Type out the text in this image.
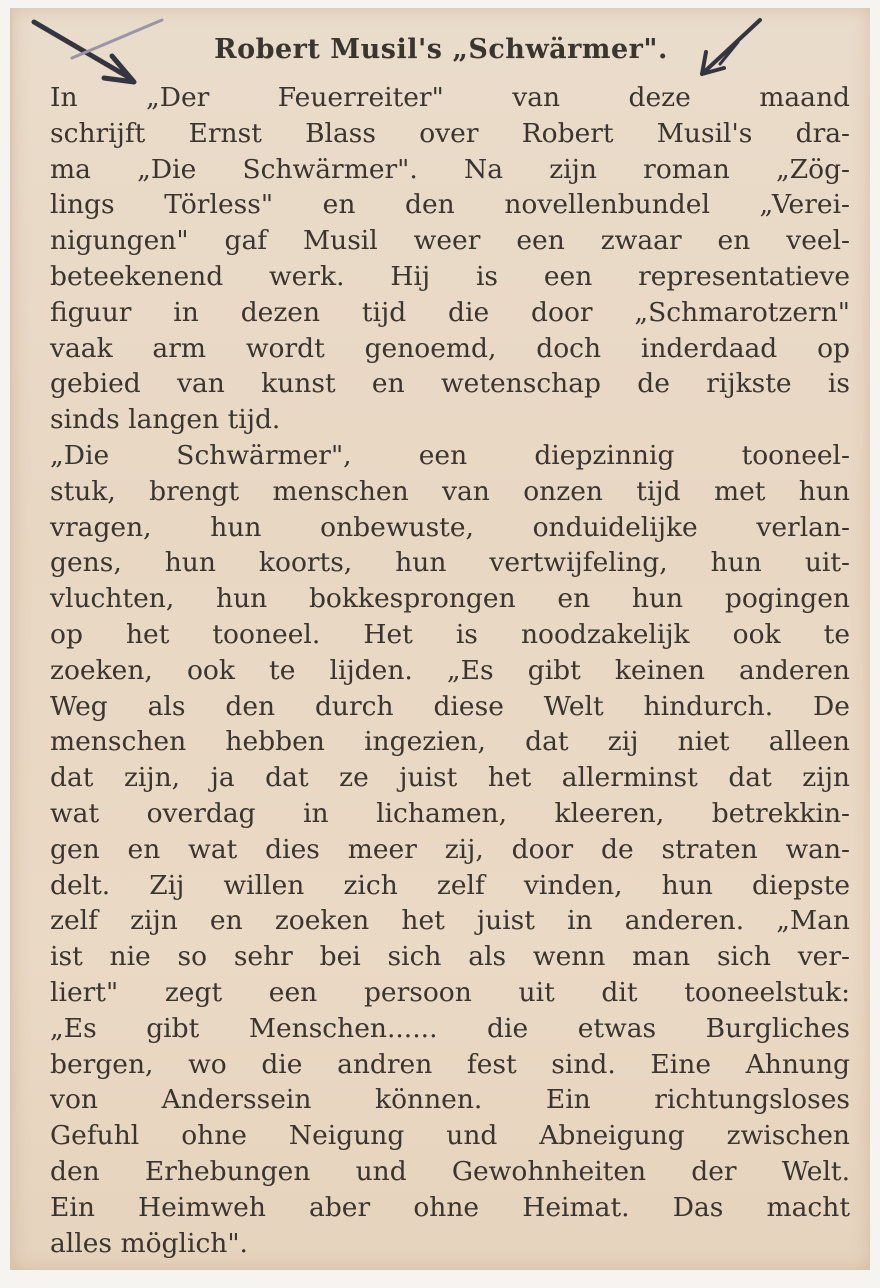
Robert Musil's „Schwärmer".
In „Der Feuerreiter" van deze maand
schrijft Ernst Blass over Robert Musil's dra-
ma „Die Schwärmer". Na zijn roman „Zög-
lings Törless" en den novellenbundel „Verei-
nigungen" gaf Musil weer een zwaar en veel-
beteekenend werk. Hij is een representatieve
figuur in dezen tijd die door „Schmarotzern"
vaak arm wordt genoemd, doch inderdaad op
gebied van kunst en wetenschap de rijkste is
sinds langen tijd.
„Die Schwärmer", een diepzinnig tooneel-
stuk, brengt menschen van onzen tijd met hun
vragen, hun onbewuste, onduidelijke verlan-
gens, hun koorts, hun vertwijfeling, hun uit-
vluchten, hun bokkesprongen en hun pogingen
op het tooneel. Het is noodzakelijk ook te
zoeken, ook te lijden. „Es gibt keinen anderen
Weg als den durch diese Welt hindurch. De
menschen hebben ingezien, dat zij niet alleen
dat zijn, ja dat ze juist het allerminst dat zijn
wat overdag in lichamen, kleeren, betrekkin-
gen en wat dies meer zij, door de straten wan-
delt. Zij willen zich zelf vinden, hun diepste
zelf zijn en zoeken het juist in anderen. „Man
ist nie so sehr bei sich als wenn man sich ver-
liert" zegt een persoon uit dit tooneelstuk:
„Es gibt Menschen...... die etwas Burgliches
bergen, wo die andren fest sind. Eine Ahnung
von Anderssein können. Ein richtungsloses
Gefuhl ohne Neigung und Abneigung zwischen
den Erhebungen und Gewohnheiten der Welt.
Ein Heimweh aber ohne Heimat. Das macht
alles möglich".
